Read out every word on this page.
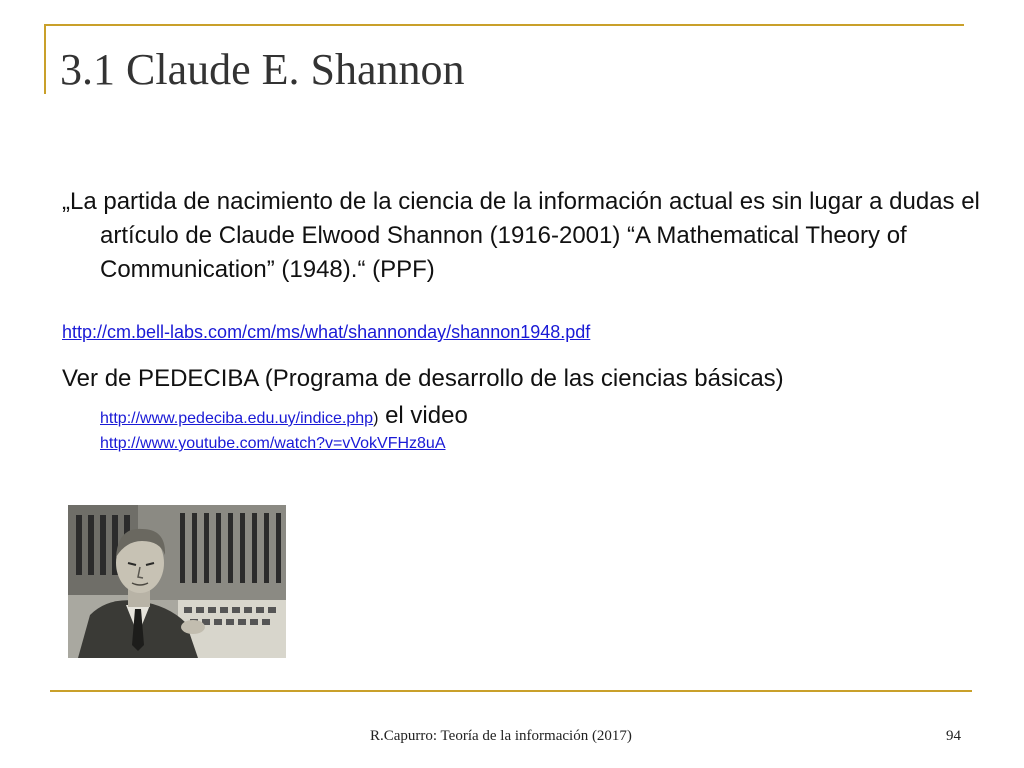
3.1 Claude E. Shannon

„La partida de nacimiento de la ciencia de la información actual es sin lugar a dudas el artículo de Claude Elwood Shannon (1916-2001) “A Mathematical Theory of Communication” (1948).“ (PPF)

http://cm.bell-labs.com/cm/ms/what/shannonday/shannon1948.pdf

Ver de PEDECIBA (Programa de desarrollo de las ciencias básicas)

http://www.pedeciba.edu.uy/indice.php) el video
http://www.youtube.com/watch?v=vVokVFHz8uA
R.Capurro: Teoría de la información (2017)	94
